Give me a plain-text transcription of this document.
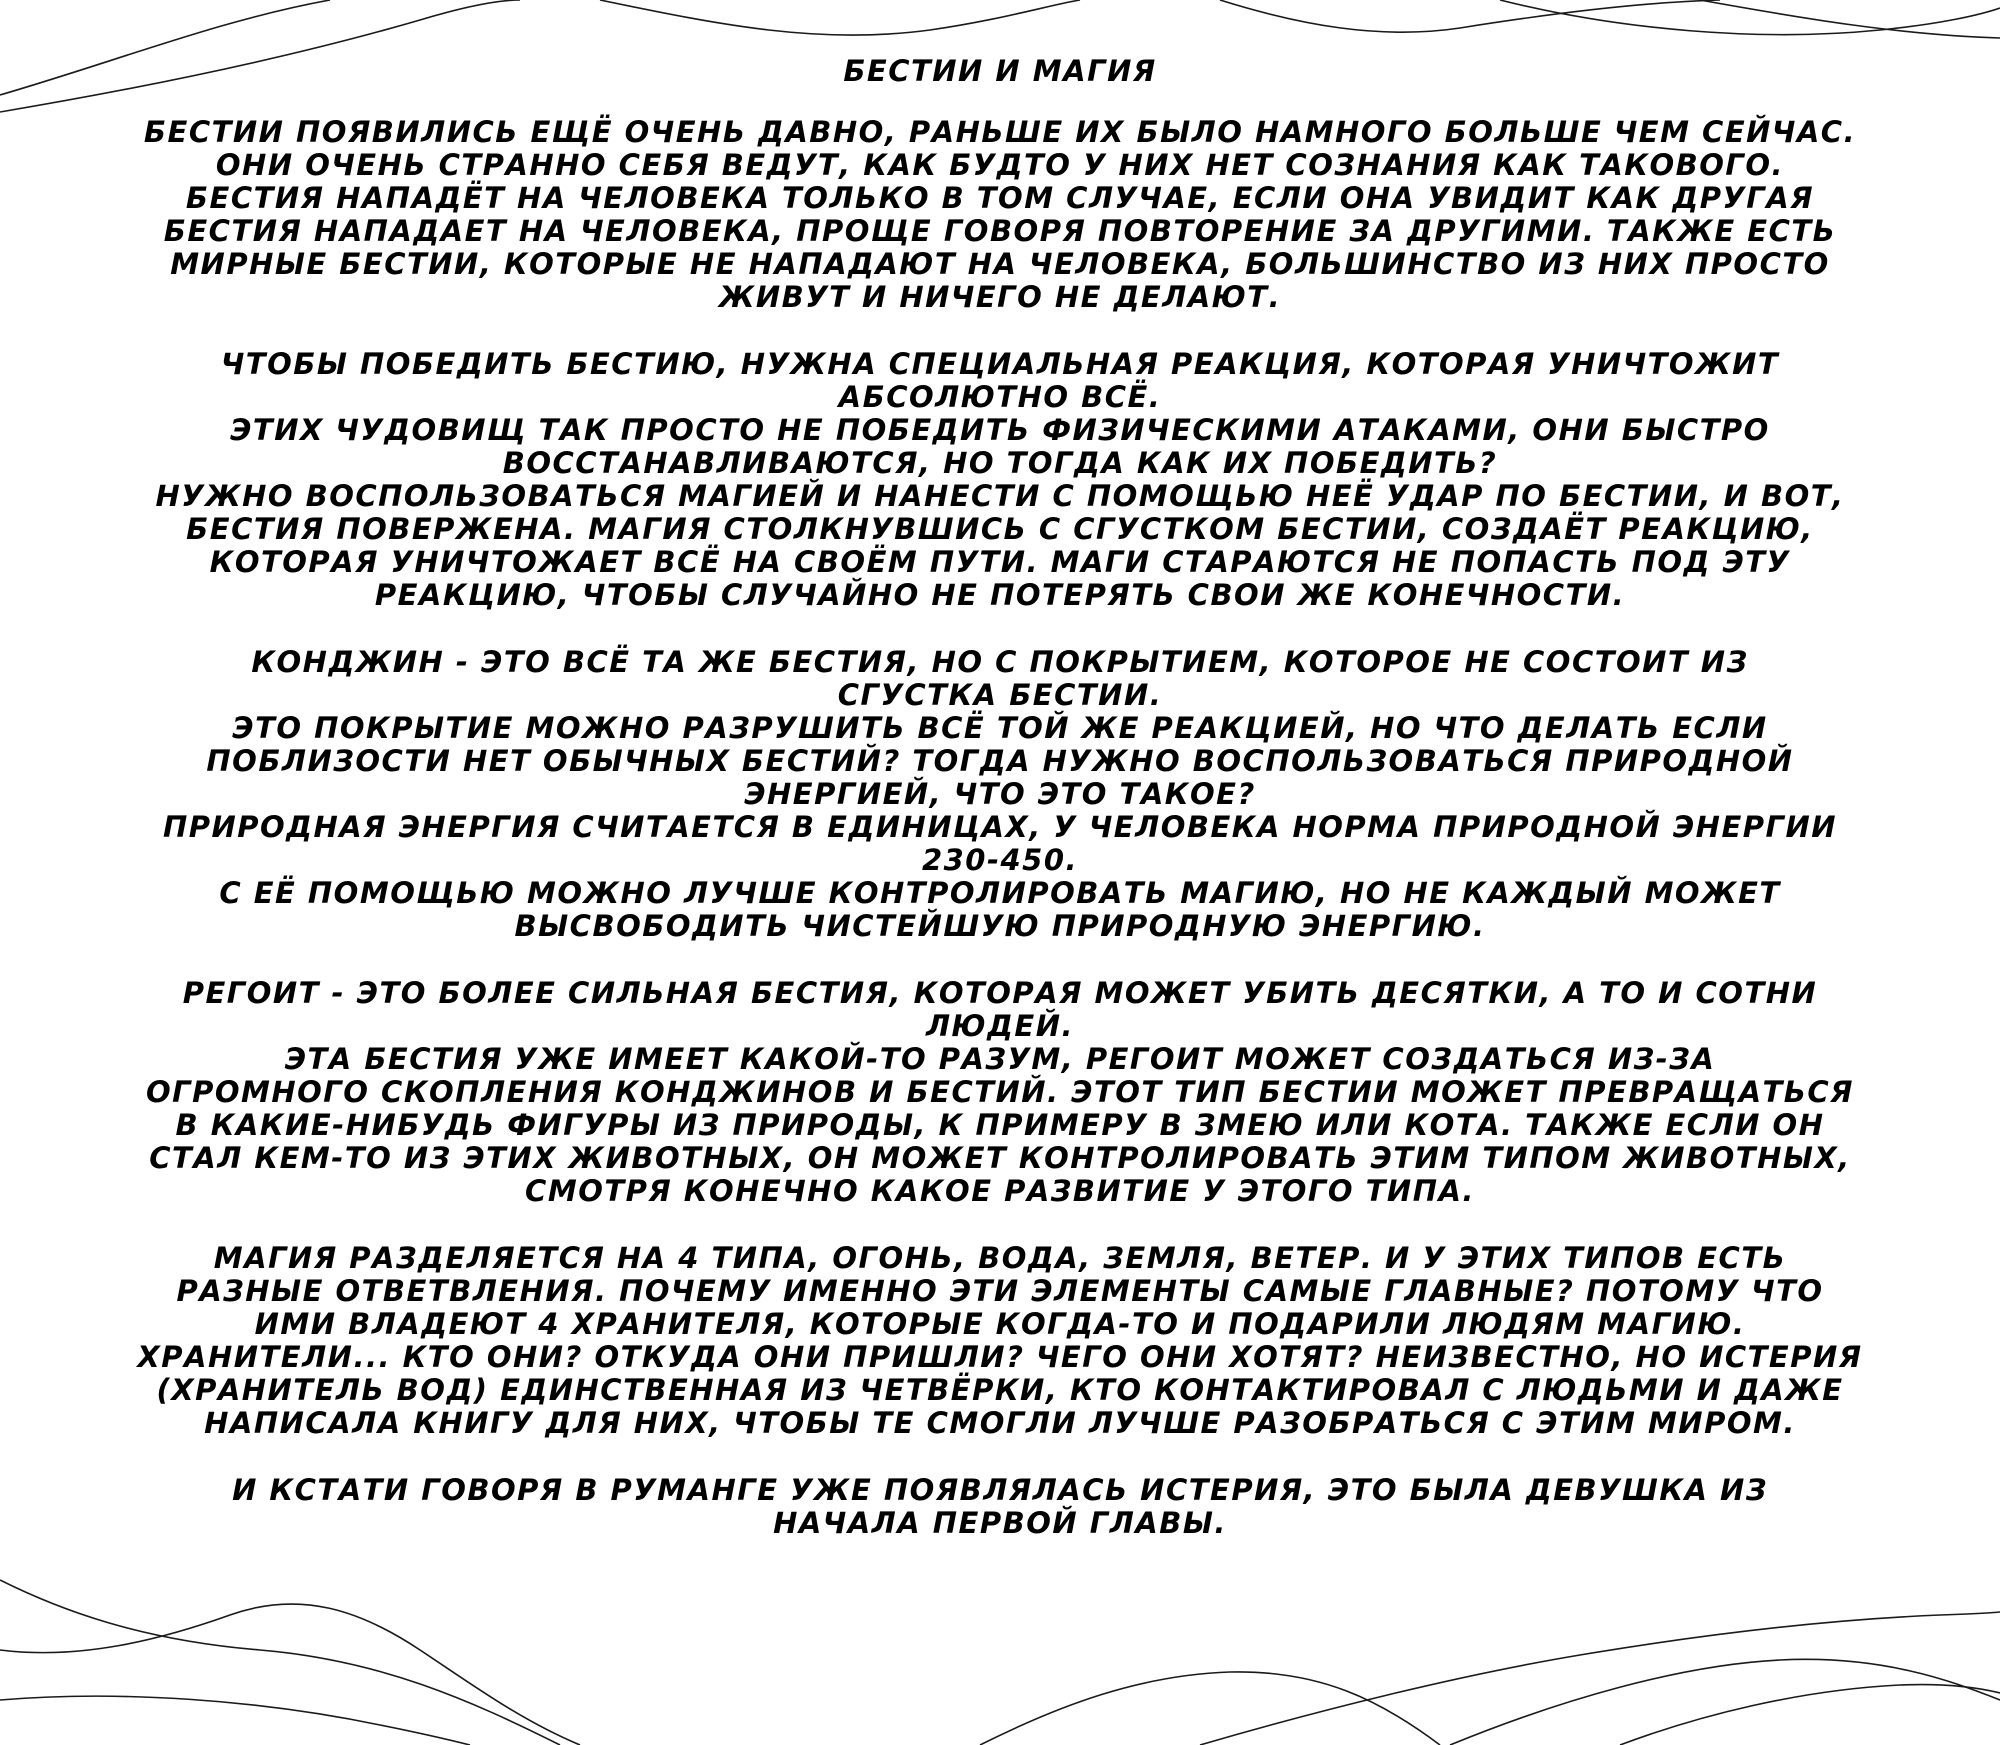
БЕСТИИ И МАГИЯ

БЕСТИИ ПОЯВИЛИСЬ ЕЩЁ ОЧЕНЬ ДАВНО, РАНЬШЕ ИХ БЫЛО НАМНОГО БОЛЬШЕ ЧЕМ СЕЙЧАС.
ОНИ ОЧЕНЬ СТРАННО СЕБЯ ВЕДУТ, КАК БУДТО У НИХ НЕТ СОЗНАНИЯ КАК ТАКОВОГО.
БЕСТИЯ НАПАДЁТ НА ЧЕЛОВЕКА ТОЛЬКО В ТОМ СЛУЧАЕ, ЕСЛИ ОНА УВИДИТ КАК ДРУГАЯ
БЕСТИЯ НАПАДАЕТ НА ЧЕЛОВЕКА, ПРОЩЕ ГОВОРЯ ПОВТОРЕНИЕ ЗА ДРУГИМИ. ТАКЖЕ ЕСТЬ
МИРНЫЕ БЕСТИИ, КОТОРЫЕ НЕ НАПАДАЮТ НА ЧЕЛОВЕКА, БОЛЬШИНСТВО ИЗ НИХ ПРОСТО
ЖИВУТ И НИЧЕГО НЕ ДЕЛАЮТ.

ЧТОБЫ ПОБЕДИТЬ БЕСТИЮ, НУЖНА СПЕЦИАЛЬНАЯ РЕАКЦИЯ, КОТОРАЯ УНИЧТОЖИТ
АБСОЛЮТНО ВСЁ.
ЭТИХ ЧУДОВИЩ ТАК ПРОСТО НЕ ПОБЕДИТЬ ФИЗИЧЕСКИМИ АТАКАМИ, ОНИ БЫСТРО
ВОССТАНАВЛИВАЮТСЯ, НО ТОГДА КАК ИХ ПОБЕДИТЬ?
НУЖНО ВОСПОЛЬЗОВАТЬСЯ МАГИЕЙ И НАНЕСТИ С ПОМОЩЬЮ НЕЁ УДАР ПО БЕСТИИ, И ВОТ,
БЕСТИЯ ПОВЕРЖЕНА. МАГИЯ СТОЛКНУВШИСЬ С СГУСТКОМ БЕСТИИ, СОЗДАЁТ РЕАКЦИЮ,
КОТОРАЯ УНИЧТОЖАЕТ ВСЁ НА СВОЁМ ПУТИ. МАГИ СТАРАЮТСЯ НЕ ПОПАСТЬ ПОД ЭТУ
РЕАКЦИЮ, ЧТОБЫ СЛУЧАЙНО НЕ ПОТЕРЯТЬ СВОИ ЖЕ КОНЕЧНОСТИ.

КОНДЖИН - ЭТО ВСЁ ТА ЖЕ БЕСТИЯ, НО С ПОКРЫТИЕМ, КОТОРОЕ НЕ СОСТОИТ ИЗ
СГУСТКА БЕСТИИ.
ЭТО ПОКРЫТИЕ МОЖНО РАЗРУШИТЬ ВСЁ ТОЙ ЖЕ РЕАКЦИЕЙ, НО ЧТО ДЕЛАТЬ ЕСЛИ
ПОБЛИЗОСТИ НЕТ ОБЫЧНЫХ БЕСТИЙ? ТОГДА НУЖНО ВОСПОЛЬЗОВАТЬСЯ ПРИРОДНОЙ
ЭНЕРГИЕЙ, ЧТО ЭТО ТАКОЕ?
ПРИРОДНАЯ ЭНЕРГИЯ СЧИТАЕТСЯ В ЕДИНИЦАХ, У ЧЕЛОВЕКА НОРМА ПРИРОДНОЙ ЭНЕРГИИ
230-450.
С ЕЁ ПОМОЩЬЮ МОЖНО ЛУЧШЕ КОНТРОЛИРОВАТЬ МАГИЮ, НО НЕ КАЖДЫЙ МОЖЕТ
ВЫСВОБОДИТЬ ЧИСТЕЙШУЮ ПРИРОДНУЮ ЭНЕРГИЮ.

РЕГОИТ - ЭТО БОЛЕЕ СИЛЬНАЯ БЕСТИЯ, КОТОРАЯ МОЖЕТ УБИТЬ ДЕСЯТКИ, А ТО И СОТНИ
ЛЮДЕЙ.
ЭТА БЕСТИЯ УЖЕ ИМЕЕТ КАКОЙ-ТО РАЗУМ, РЕГОИТ МОЖЕТ СОЗДАТЬСЯ ИЗ-ЗА
ОГРОМНОГО СКОПЛЕНИЯ КОНДЖИНОВ И БЕСТИЙ. ЭТОТ ТИП БЕСТИИ МОЖЕТ ПРЕВРАЩАТЬСЯ
В КАКИЕ-НИБУДЬ ФИГУРЫ ИЗ ПРИРОДЫ, К ПРИМЕРУ В ЗМЕЮ ИЛИ КОТА. ТАКЖЕ ЕСЛИ ОН
СТАЛ КЕМ-ТО ИЗ ЭТИХ ЖИВОТНЫХ, ОН МОЖЕТ КОНТРОЛИРОВАТЬ ЭТИМ ТИПОМ ЖИВОТНЫХ,
СМОТРЯ КОНЕЧНО КАКОЕ РАЗВИТИЕ У ЭТОГО ТИПА.

МАГИЯ РАЗДЕЛЯЕТСЯ НА 4 ТИПА, ОГОНЬ, ВОДА, ЗЕМЛЯ, ВЕТЕР. И У ЭТИХ ТИПОВ ЕСТЬ
РАЗНЫЕ ОТВЕТВЛЕНИЯ. ПОЧЕМУ ИМЕННО ЭТИ ЭЛЕМЕНТЫ САМЫЕ ГЛАВНЫЕ? ПОТОМУ ЧТО
ИМИ ВЛАДЕЮТ 4 ХРАНИТЕЛЯ, КОТОРЫЕ КОГДА-ТО И ПОДАРИЛИ ЛЮДЯМ МАГИЮ.
ХРАНИТЕЛИ... КТО ОНИ? ОТКУДА ОНИ ПРИШЛИ? ЧЕГО ОНИ ХОТЯТ? НЕИЗВЕСТНО, НО ИСТЕРИЯ
(ХРАНИТЕЛЬ ВОД) ЕДИНСТВЕННАЯ ИЗ ЧЕТВЁРКИ, КТО КОНТАКТИРОВАЛ С ЛЮДЬМИ И ДАЖЕ
НАПИСАЛА КНИГУ ДЛЯ НИХ, ЧТОБЫ ТЕ СМОГЛИ ЛУЧШЕ РАЗОБРАТЬСЯ С ЭТИМ МИРОМ.

И КСТАТИ ГОВОРЯ В РУМАНГЕ УЖЕ ПОЯВЛЯЛАСЬ ИСТЕРИЯ, ЭТО БЫЛА ДЕВУШКА ИЗ
НАЧАЛА ПЕРВОЙ ГЛАВЫ.
